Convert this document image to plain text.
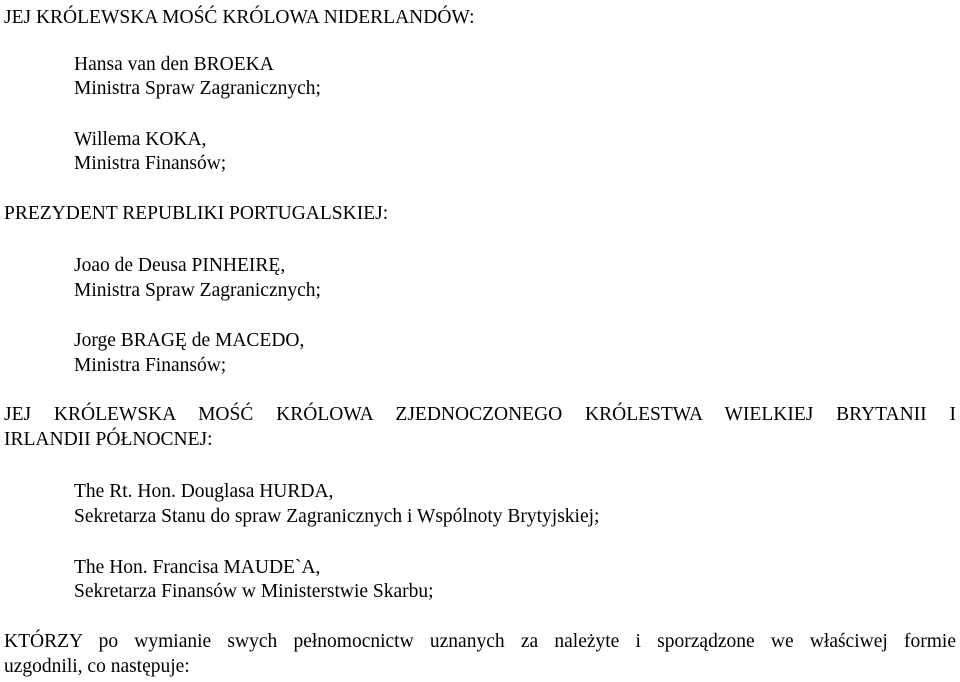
JEJ KRÓLEWSKA MOŚĆ KRÓLOWA NIDERLANDÓW:

Hansa van den BROEKA

Ministra Spraw Zagranicznych;

Willema KOKA,

Ministra Finansów;

PREZYDENT REPUBLIKI PORTUGALSKIEJ:

Joao de Deusa PINHEIRĘ,

Ministra Spraw Zagranicznych;

Jorge BRAGĘ de MACEDO,

Ministra Finansów;

JEJ KRÓLEWSKA MOŚĆ KRÓLOWA ZJEDNOCZONEGO KRÓLESTWA WIELKIEJ BRYTANII I

IRLANDII PÓŁNOCNEJ:

The Rt. Hon. Douglasa HURDA,

Sekretarza Stanu do spraw Zagranicznych i Wspólnoty Brytyjskiej;

The Hon. Francisa MAUDE`A,

Sekretarza Finansów w Ministerstwie Skarbu;

KTÓRZY po wymianie swych pełnomocnictw uznanych za należyte i sporządzone we właściwej formie

uzgodnili, co następuje:
